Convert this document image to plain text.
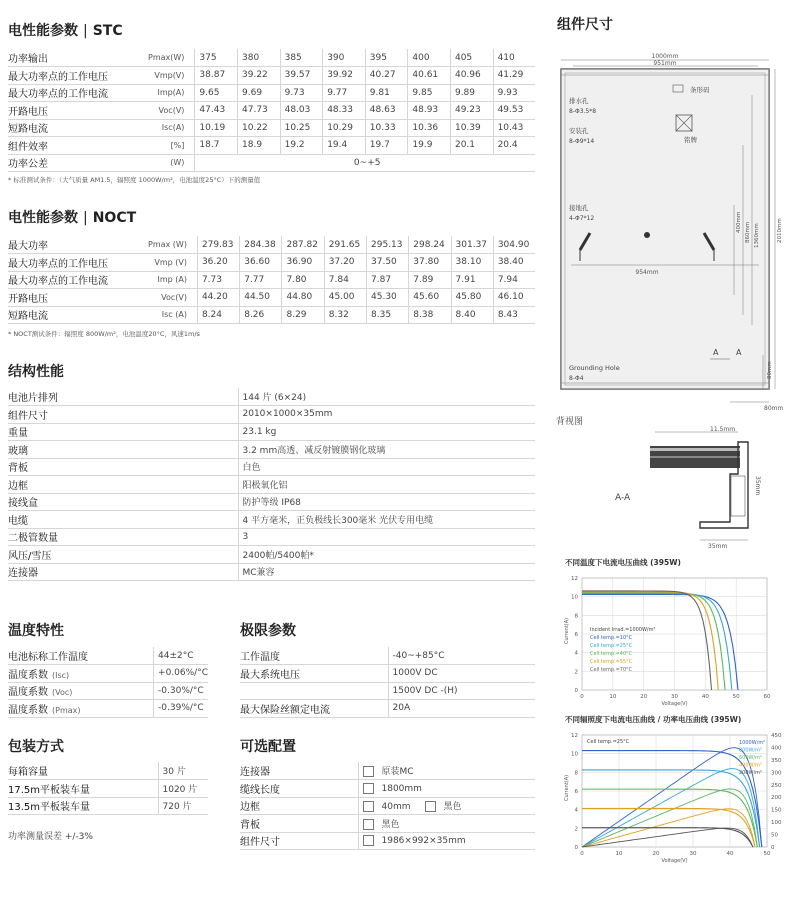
电性能参数 | STC
功率输出	Pmax(W)	375	380	385	390	395	400	405	410
最大功率点的工作电压	Vmp(V)	38.87	39.22	39.57	39.92	40.27	40.61	40.96	41.29
最大功率点的工作电流	Imp(A)	9.65	9.69	9.73	9.77	9.81	9.85	9.89	9.93
开路电压	Voc(V)	47.43	47.73	48.03	48.33	48.63	48.93	49.23	49.53
短路电流	Isc(A)	10.19	10.22	10.25	10.29	10.33	10.36	10.39	10.43
组件效率	[%]	18.7	18.9	19.2	19.4	19.7	19.9	20.1	20.4
功率公差	(W)	0~+5							
* 标准测试条件：（大气质量 AM1.5，辐照度 1000W/m²，电池温度25°C）下的测量值
电性能参数 | NOCT
最大功率	Pmax (W)	279.83	284.38	287.82	291.65	295.13	298.24	301.37	304.90
最大功率点的工作电压	Vmp (V)	36.20	36.60	36.90	37.20	37.50	37.80	38.10	38.40
最大功率点的工作电流	Imp (A)	7.73	7.77	7.80	7.84	7.87	7.89	7.91	7.94
开路电压	Voc(V)	44.20	44.50	44.80	45.00	45.30	45.60	45.80	46.10
短路电流	Isc (A)	8.24	8.26	8.29	8.32	8.35	8.38	8.40	8.43
* NOCT测试条件：辐照度 800W/m²，电池温度20°C，风速1m/s
结构性能
电池片排列	144 片 (6×24)
组件尺寸	2010×1000×35mm
重量	23.1 kg
玻璃	3.2 mm高透、减反射镀膜钢化玻璃
背板	白色
边框	阳极氧化铝
接线盒	防护等级 IP68
电缆	4 平方毫米，正负极线长300毫米 光伏专用电缆
二极管数量	3
风压/雪压	2400帕/5400帕*
连接器	MC兼容
温度特性
电池标称工作温度	44±2°C
温度系数 (Isc)	+0.06%/°C
温度系数 (Voc)	-0.30%/°C
温度系数 (Pmax)	-0.39%/°C
极限参数
工作温度	-40~+85°C
最大系统电压	1000V DC
	1500V DC -(H)
最大保险丝额定电流	20A
包装方式
每箱容量	30 片
17.5m平板装车量	1020 片
13.5m平板装车量	720 片
功率测量误差 +/-3%
可选配置
连接器	原装MC
缆线长度	1800mm
边框	40mm 黑色
背板	黑色
组件尺寸	1986×992×35mm
组件尺寸
1000mm
951mm
排水孔
8-Φ3.5*8
安装孔
8-Φ9*14
条形码
铭牌
接地孔
4-Φ7*12
954mm
400mm 860mm 1360mm	2010mm
Grounding Hole
8-Φ4
A A
80mm
80mm
背视图
11.5mm
A-A
35mm
35mm
不同温度下电流电压曲线 (395W)
0	10	20	30	40	50	60
0
2
4
6
8
10
12
Voltage(V)
Current(A)	Incident Irrad.=1000W/m²
Cell temp.=10°C
Cell temp.=25°C
Cell temp.=40°C
Cell temp.=55°C
Cell temp.=70°C
不同辐照度下电流电压曲线 / 功率电压曲线 (395W)
0	10	20	30	40	50
0
2
4
6
8
10
12
0
50
100
150
200
250
300
350
400
450
Voltage(V)
Current(A)
1000W/m²
800W/m²
600W/m²
400W/m²
200W/m²
Cell temp.=25°C
